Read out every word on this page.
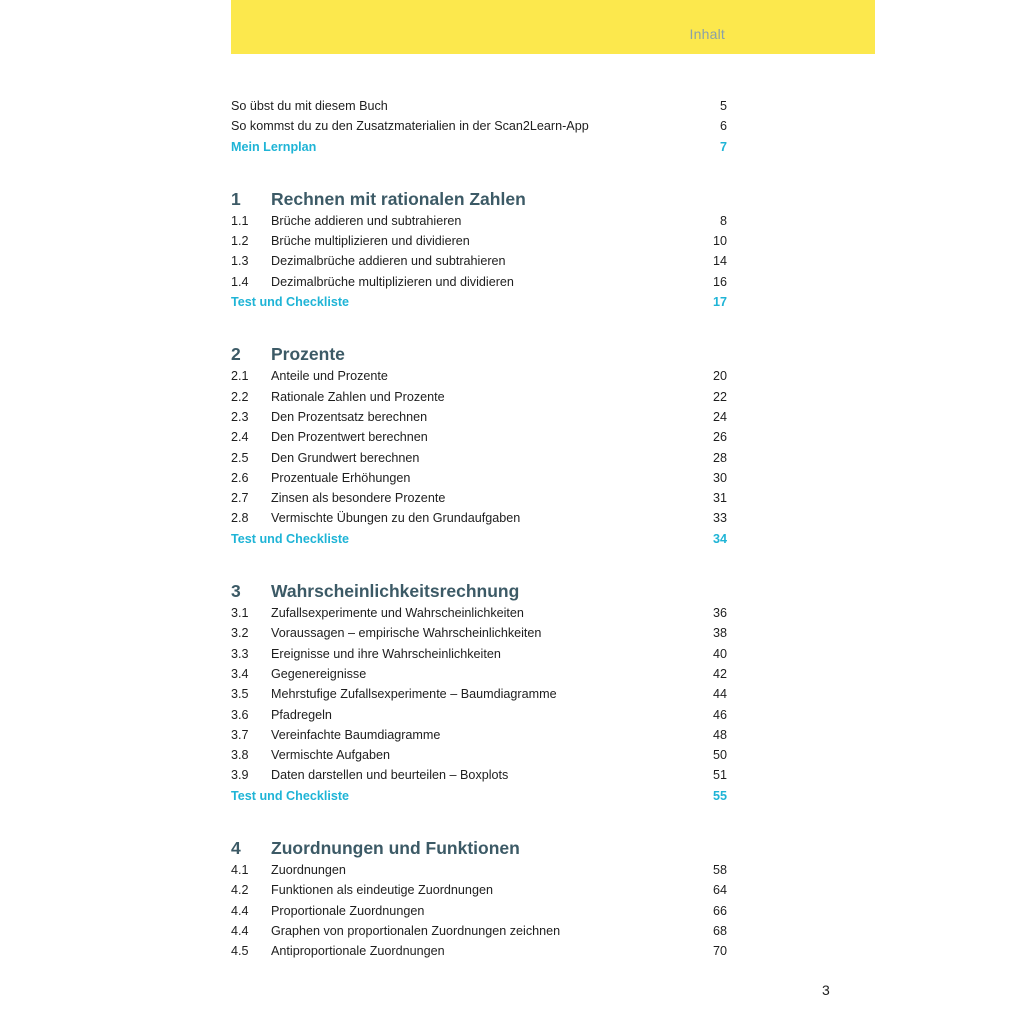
Inhalt
So übst du mit diesem Buch	5
So kommst du zu den Zusatzmaterialien in der Scan2Learn-App	6
Mein Lernplan	7
1	Rechnen mit rationalen Zahlen
1.1	Brüche addieren und subtrahieren	8
1.2	Brüche multiplizieren und dividieren	10
1.3	Dezimalbrüche addieren und subtrahieren	14
1.4	Dezimalbrüche multiplizieren und dividieren	16
Test und Checkliste	17
2	Prozente
2.1	Anteile und Prozente	20
2.2	Rationale Zahlen und Prozente	22
2.3	Den Prozentsatz berechnen	24
2.4	Den Prozentwert berechnen	26
2.5	Den Grundwert berechnen	28
2.6	Prozentuale Erhöhungen	30
2.7	Zinsen als besondere Prozente	31
2.8	Vermischte Übungen zu den Grundaufgaben	33
Test und Checkliste	34
3	Wahrscheinlichkeitsrechnung
3.1	Zufallsexperimente und Wahrscheinlichkeiten	36
3.2	Voraussagen – empirische Wahrscheinlichkeiten	38
3.3	Ereignisse und ihre Wahrscheinlichkeiten	40
3.4	Gegenereignisse	42
3.5	Mehrstufige Zufallsexperimente – Baumdiagramme	44
3.6	Pfadregeln	46
3.7	Vereinfachte Baumdiagramme	48
3.8	Vermischte Aufgaben	50
3.9	Daten darstellen und beurteilen – Boxplots	51
Test und Checkliste	55
4	Zuordnungen und Funktionen
4.1	Zuordnungen	58
4.2	Funktionen als eindeutige Zuordnungen	64
4.4	Proportionale Zuordnungen	66
4.4	Graphen von proportionalen Zuordnungen zeichnen	68
4.5	Antiproportionale Zuordnungen	70
3
